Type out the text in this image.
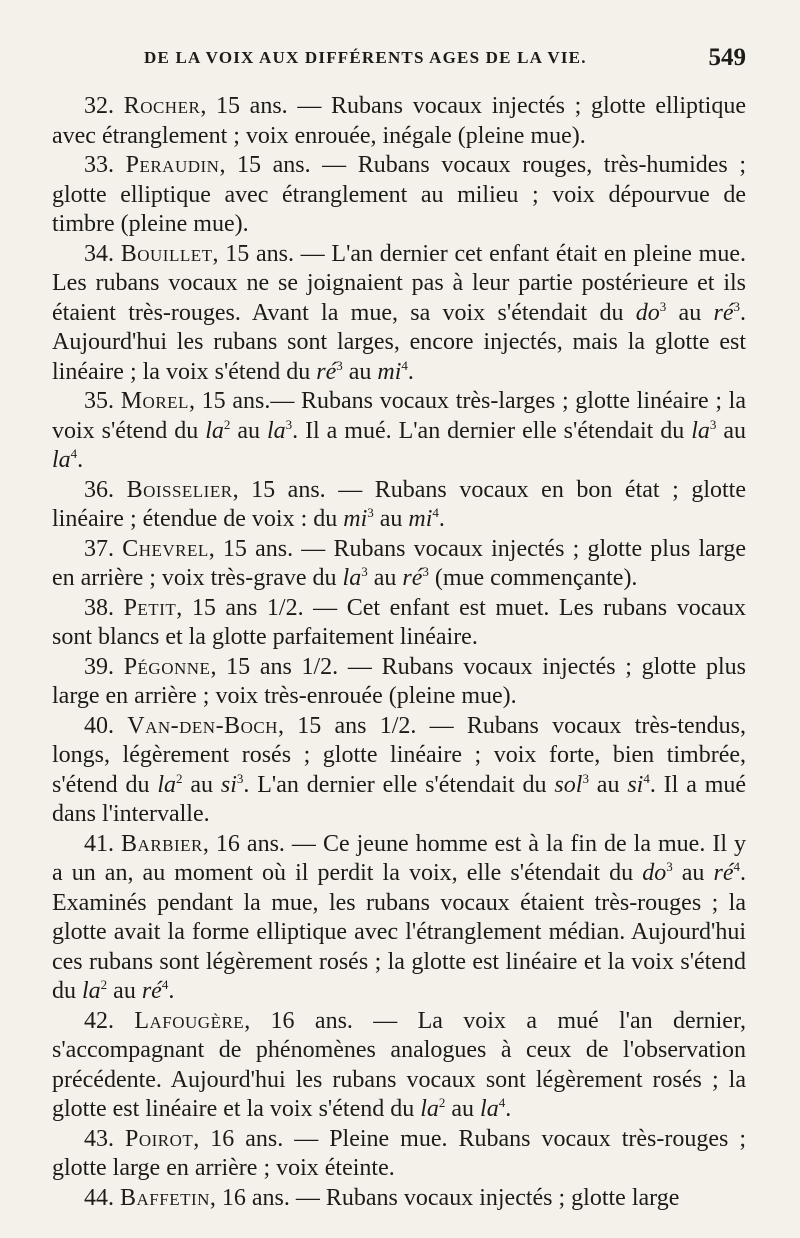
DE LA VOIX AUX DIFFÉRENTS AGES DE LA VIE.	549

32. Rocher, 15 ans. — Rubans vocaux injectés ; glotte elliptique avec étranglement ; voix enrouée, inégale (pleine mue).

33. Peraudin, 15 ans. — Rubans vocaux rouges, très-humides ; glotte elliptique avec étranglement au milieu ; voix dépourvue de timbre (pleine mue).

34. Bouillet, 15 ans. — L'an dernier cet enfant était en pleine mue. Les rubans vocaux ne se joignaient pas à leur partie postérieure et ils étaient très-rouges. Avant la mue, sa voix s'étendait du $do^3$ au $ré^3$. Aujourd'hui les rubans sont larges, encore injectés, mais la glotte est linéaire ; la voix s'étend du $ré^3$ au $mi^4$.

35. Morel, 15 ans.— Rubans vocaux très-larges ; glotte linéaire ; la voix s'étend du $la^2$ au $la^3$. Il a mué. L'an dernier elle s'étendait du $la^3$ au $la^4$.

36. Boisselier, 15 ans. — Rubans vocaux en bon état ; glotte linéaire ; étendue de voix : du $mi^3$ au $mi^4$.

37. Chevrel, 15 ans. — Rubans vocaux injectés ; glotte plus large en arrière ; voix très-grave du $la^3$ au $ré^3$ (mue commençante).

38. Petit, 15 ans 1/2. — Cet enfant est muet. Les rubans vocaux sont blancs et la glotte parfaitement linéaire.

39. Pégonne, 15 ans 1/2. — Rubans vocaux injectés ; glotte plus large en arrière ; voix très-enrouée (pleine mue).

40. Van-den-Boch, 15 ans 1/2. — Rubans vocaux très-tendus, longs, légèrement rosés ; glotte linéaire ; voix forte, bien timbrée, s'étend du $la^2$ au $si^3$. L'an dernier elle s'étendait du sol$^3$ au $si^4$. Il a mué dans l'intervalle.

41. Barbier, 16 ans. — Ce jeune homme est à la fin de la mue. Il y a un an, au moment où il perdit la voix, elle s'étendait du $do^3$ au $ré^4$. Examinés pendant la mue, les rubans vocaux étaient très-rouges ; la glotte avait la forme elliptique avec l'étranglement médian. Aujourd'hui ces rubans sont légèrement rosés ; la glotte est linéaire et la voix s'étend du $la^2$ au $ré^4$.

42. Lafougère, 16 ans. — La voix a mué l'an dernier, s'accompagnant de phénomènes analogues à ceux de l'observation précédente. Aujourd'hui les rubans vocaux sont légèrement rosés ; la glotte est linéaire et la voix s'étend du $la^2$ au $la^4$.

43. Poirot, 16 ans. — Pleine mue. Rubans vocaux très-rouges ; glotte large en arrière ; voix éteinte.

44. Baffetin, 16 ans. — Rubans vocaux injectés ; glotte large
